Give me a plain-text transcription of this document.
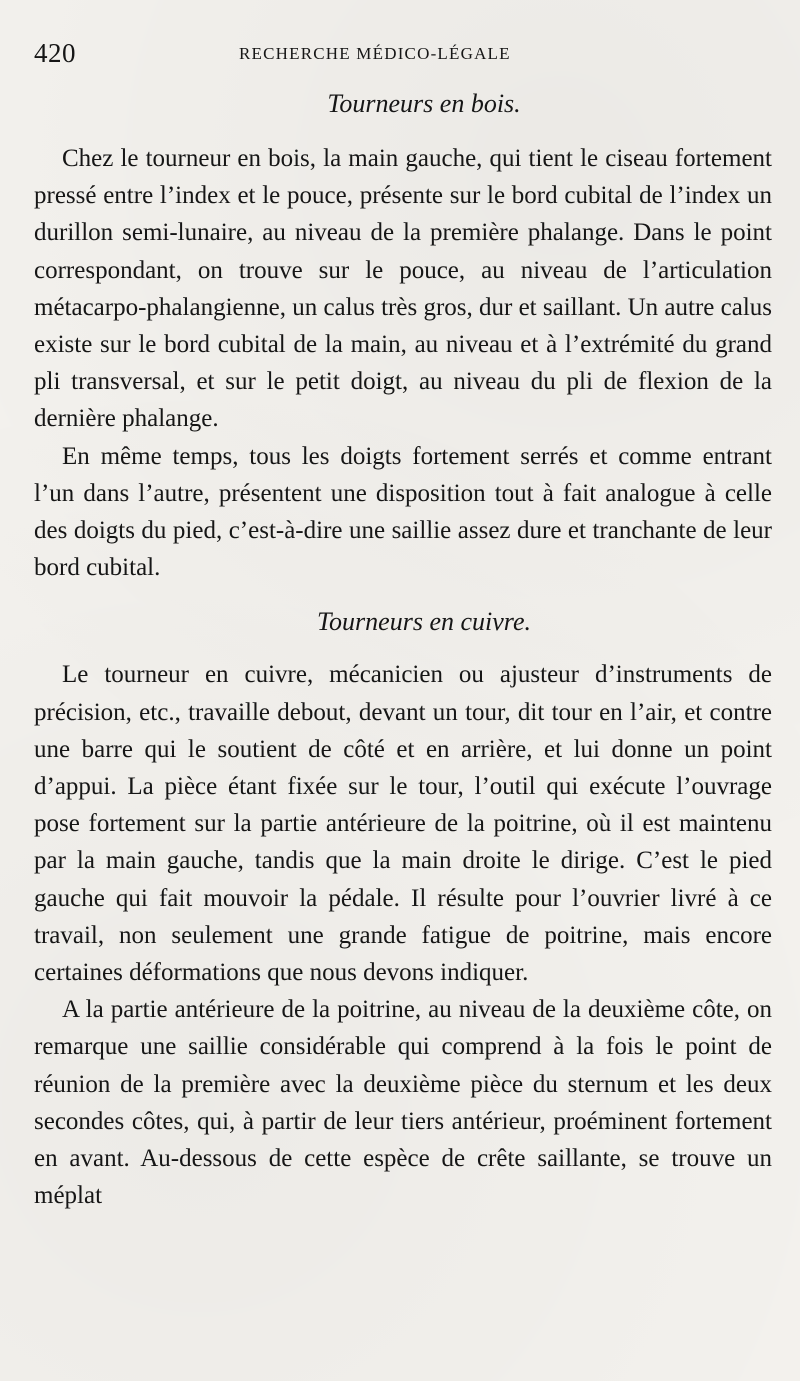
420	RECHERCHE MÉDICO-LÉGALE
Tourneurs en bois.

Chez le tourneur en bois, la main gauche, qui tient le ciseau fortement pressé entre l’index et le pouce, présente sur le bord cubital de l’index un durillon semi-lunaire, au niveau de la première phalange. Dans le point correspondant, on trouve sur le pouce, au niveau de l’articulation métacarpo-phalangienne, un calus très gros, dur et saillant. Un autre calus existe sur le bord cubital de la main, au niveau et à l’extrémité du grand pli transversal, et sur le petit doigt, au niveau du pli de flexion de la dernière phalange.

En même temps, tous les doigts fortement serrés et comme entrant l’un dans l’autre, présentent une disposition tout à fait analogue à celle des doigts du pied, c’est-à-dire une saillie assez dure et tranchante de leur bord cubital.

Tourneurs en cuivre.

Le tourneur en cuivre, mécanicien ou ajusteur d’instruments de précision, etc., travaille debout, devant un tour, dit tour en l’air, et contre une barre qui le soutient de côté et en arrière, et lui donne un point d’appui. La pièce étant fixée sur le tour, l’outil qui exécute l’ouvrage pose fortement sur la partie antérieure de la poitrine, où il est maintenu par la main gauche, tandis que la main droite le dirige. C’est le pied gauche qui fait mouvoir la pédale. Il résulte pour l’ouvrier livré à ce travail, non seulement une grande fatigue de poitrine, mais encore certaines déformations que nous devons indiquer.

A la partie antérieure de la poitrine, au niveau de la deuxième côte, on remarque une saillie considérable qui comprend à la fois le point de réunion de la première avec la deuxième pièce du sternum et les deux secondes côtes, qui, à partir de leur tiers antérieur, proéminent fortement en avant. Au-dessous de cette espèce de crête saillante, se trouve un méplat
